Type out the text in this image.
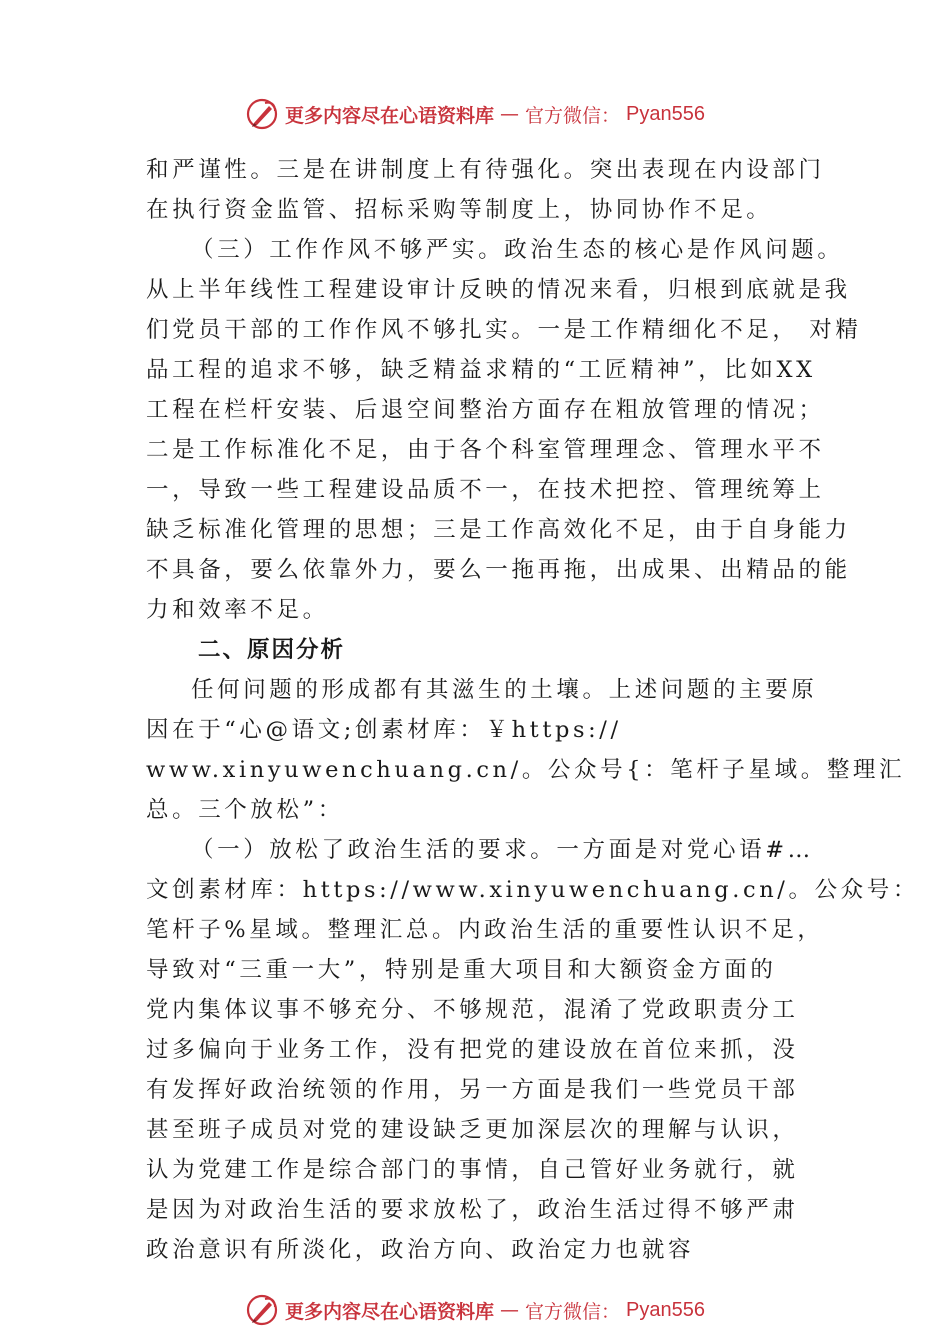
更多内容尽在心语资料库 — 官方微信： Pyan556
和严谨性。三是在讲制度上有待强化。突出表现在内设部门
在执行资金监管、招标采购等制度上，协同协作不足。
（三）工作作风不够严实。政治生态的核心是作风问题。
从上半年线性工程建设审计反映的情况来看，归根到底就是我
们党员干部的工作作风不够扎实。一是工作精细化不足， 对精
品工程的追求不够，缺乏精益求精的“工匠精神”，比如XX
工程在栏杆安装、后退空间整治方面存在粗放管理的情况；
二是工作标准化不足，由于各个科室管理理念、管理水平不
一，导致一些工程建设品质不一，在技术把控、管理统筹上
缺乏标准化管理的思想；三是工作高效化不足，由于自身能力
不具备，要么依靠外力，要么一拖再拖，出成果、出精品的能
力和效率不足。
二、原因分析
任何问题的形成都有其滋生的土壤。上述问题的主要原
因在于“心@语文;创素材库：￥https://
www.xinyuwenchuang.cn/。公众号{：笔杆子星域。整理汇
总。三个放松”：
（一）放松了政治生活的要求。一方面是对党心语#…
文创素材库：https://www.xinyuwenchuang.cn/。公众号：
笔杆子%星域。整理汇总。内政治生活的重要性认识不足，
导致对“三重一大”，特别是重大项目和大额资金方面的
党内集体议事不够充分、不够规范，混淆了党政职责分工
过多偏向于业务工作，没有把党的建设放在首位来抓，没
有发挥好政治统领的作用，另一方面是我们一些党员干部
甚至班子成员对党的建设缺乏更加深层次的理解与认识，
认为党建工作是综合部门的事情，自己管好业务就行，就
是因为对政治生活的要求放松了，政治生活过得不够严肃
政治意识有所淡化，政治方向、政治定力也就容
更多内容尽在心语资料库 — 官方微信： Pyan556
